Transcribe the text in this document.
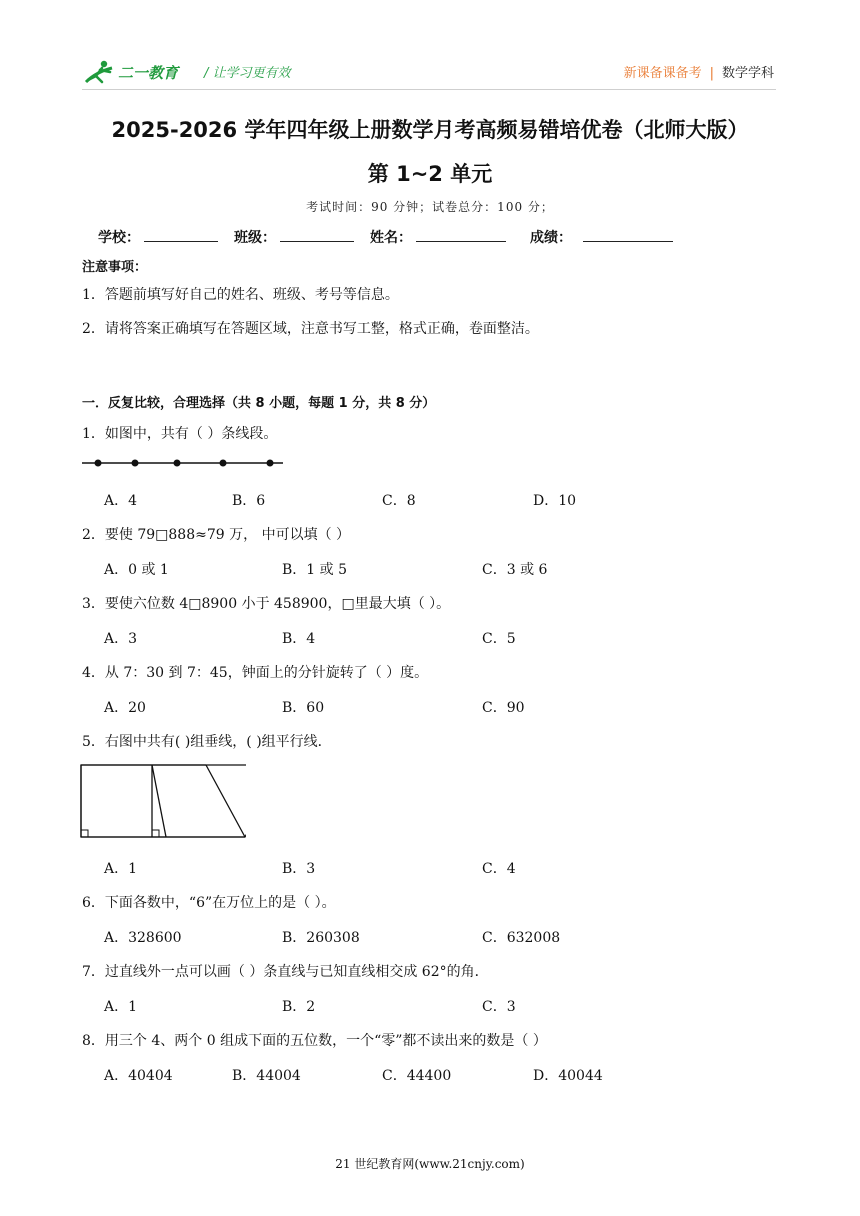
二一教育 / 让学习更有效	新课备课备考 | 数学学科
2025-2026 学年四年级上册数学月考高频易错培优卷（北师大版）
第 1~2 单元
考试时间：90 分钟；试卷总分：100 分；
学校：	班级：	姓名：	成绩：
注意事项：
1．答题前填写好自己的姓名、班级、考号等信息。
2．请将答案正确填写在答题区域，注意书写工整，格式正确，卷面整洁。
一．反复比较，合理选择（共 8 小题，每题 1 分，共 8 分）
1．如图中，共有（ ）条线段。
A．4	B．6	C．8	D．10
2．要使 79□888≈79 万， 中可以填（ ）
A．0 或 1	B．1 或 5	C．3 或 6
3．要使六位数 4□8900 小于 458900，□里最大填（ ）。
A．3	B．4	C．5
4．从 7：30 到 7：45，钟面上的分针旋转了（ ）度。
A．20	B．60	C．90
5．右图中共有( )组垂线，( )组平行线．
A．1	B．3	C．4
6．下面各数中，“6”在万位上的是（ ）。
A．328600	B．260308	C．632008
7．过直线外一点可以画（ ）条直线与已知直线相交成 62°的角．
A．1	B．2	C．3
8．用三个 4、两个 0 组成下面的五位数，一个“零”都不读出来的数是（ ）
A．40404	B．44004	C．44400	D．40044
21 世纪教育网(www.21cnjy.com)
